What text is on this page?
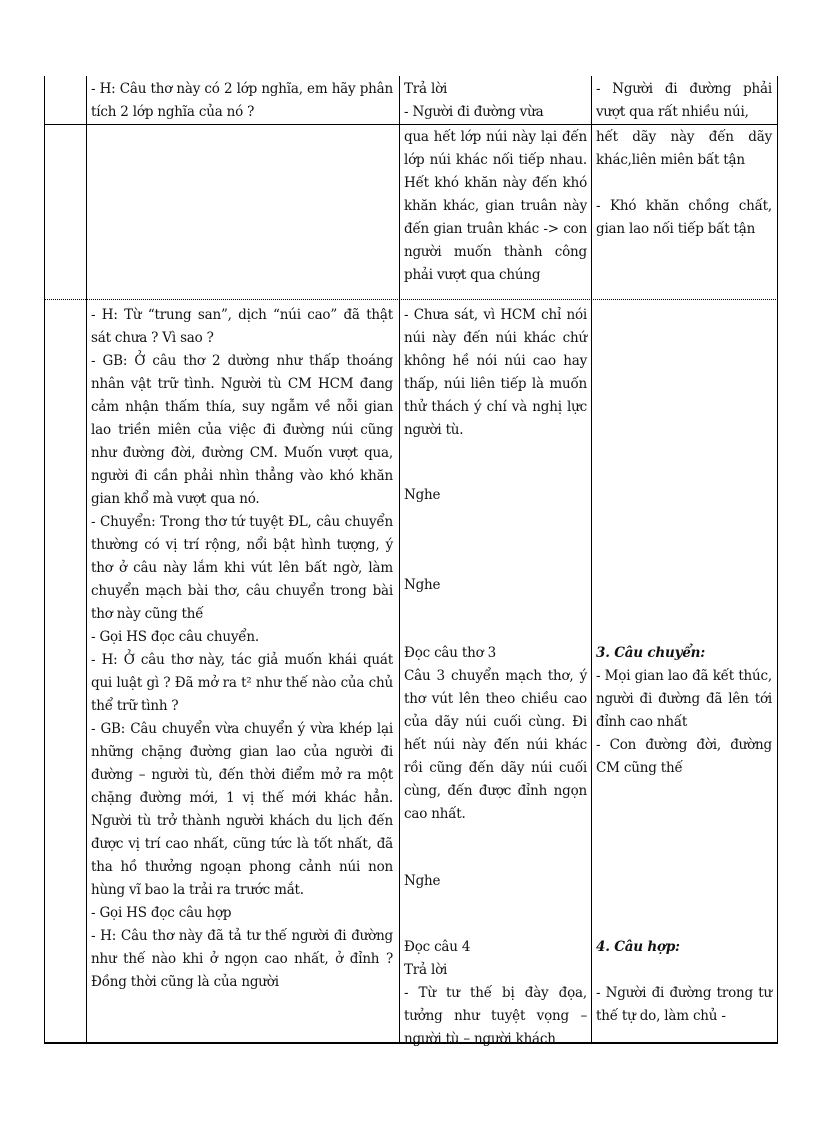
- H: Câu thơ này có 2 lớp nghĩa, em hãy phân tích 2 lớp nghĩa của nó ?

Trả lời

- Người đi đường vừa

- Người đi đường phải vượt qua rất nhiều núi,

qua hết lớp núi này lại đến lớp núi khác nối tiếp nhau. Hết khó khăn này đến khó khăn khác, gian truân này đến gian truân khác -> con người muốn thành công phải vượt qua chúng

hết dãy này đến dãy khác,liên miên bất tận

- Khó khăn chồng chất, gian lao nối tiếp bất tận

- H: Từ “trung san”, dịch “núi cao” đã thật sát chưa ? Vì sao ?

- GB: Ở câu thơ 2 dường như thấp thoáng nhân vật trữ tình. Người tù CM HCM đang cảm nhận thấm thía, suy ngẫm về nỗi gian lao triền miên của việc đi đường núi cũng như đường đời, đường CM. Muốn vượt qua, người đi cần phải nhìn thẳng vào khó khăn gian khổ mà vượt qua nó.

- Chuyển: Trong thơ tứ tuyệt ĐL, câu chuyển thường có vị trí rộng, nổi bật hình tượng, ý thơ ở câu này lắm khi vút lên bất ngờ, làm chuyển mạch bài thơ, câu chuyển trong bài thơ này cũng thế

- Gọi HS đọc câu chuyển.

- H: Ở câu thơ này, tác giả muốn khái quát qui luật gì ? Đã mở ra t² như thế nào của chủ thể trữ tình ?

- GB: Câu chuyển vừa chuyển ý vừa khép lại những chặng đường gian lao của người đi đường – người tù, đến thời điểm mở ra một chặng đường mới, 1 vị thế mới khác hẳn. Người tù trở thành người khách du lịch đến được vị trí cao nhất, cũng tức là tốt nhất, đã tha hồ thưởng ngoạn phong cảnh núi non hùng vĩ bao la trải ra trước mắt.

- Gọi HS đọc câu hợp

- H: Câu thơ này đã tả tư thế người đi đường như thế nào khi ở ngọn cao nhất, ở đỉnh ? Đồng thời cũng là của người

- Chưa sát, vì HCM chỉ nói núi này đến núi khác chứ không hề nói núi cao hay thấp, núi liên tiếp là muốn thử thách ý chí và nghị lực người tù.

Nghe

Nghe

Đọc câu thơ 3

Câu 3 chuyển mạch thơ, ý thơ vút lên theo chiều cao của dãy núi cuối cùng. Đi hết núi này đến núi khác rồi cũng đến dãy núi cuối cùng, đến được đỉnh ngọn cao nhất.

Nghe

Đọc câu 4

Trả lời

- Từ tư thế bị đày đọa, tưởng như tuyệt vọng – người tù – người khách

3. Câu chuyển:

- Mọi gian lao đã kết thúc, người đi đường đã lên tới đỉnh cao nhất

- Con đường đời, đường CM cũng thế

4. Câu hợp:

- Người đi đường trong tư thế tự do, làm chủ -
